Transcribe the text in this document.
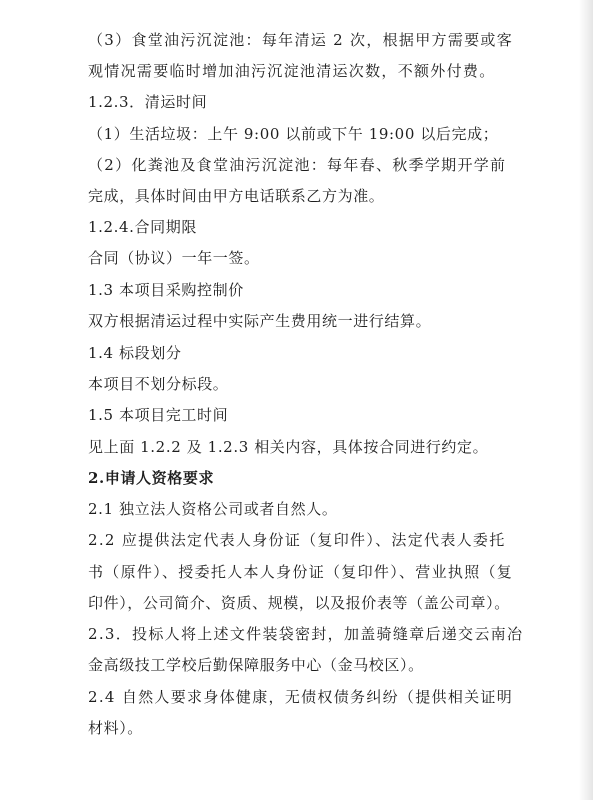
（3）食堂油污沉淀池：每年清运 2 次，根据甲方需要或客
观情况需要临时增加油污沉淀池清运次数，不额外付费。
1.2.3．清运时间
（1）生活垃圾：上午 9:00 以前或下午 19:00 以后完成；
（2）化粪池及食堂油污沉淀池：每年春、秋季学期开学前
完成，具体时间由甲方电话联系乙方为准。
1.2.4.合同期限
合同（协议）一年一签。
1.3 本项目采购控制价
双方根据清运过程中实际产生费用统一进行结算。
1.4 标段划分
本项目不划分标段。
1.5 本项目完工时间
见上面 1.2.2 及 1.2.3 相关内容，具体按合同进行约定。
2.申请人资格要求
2.1 独立法人资格公司或者自然人。
2.2 应提供法定代表人身份证（复印件）、法定代表人委托
书（原件）、授委托人本人身份证（复印件）、营业执照（复
印件），公司简介、资质、规模，以及报价表等（盖公司章）。
2.3．投标人将上述文件装袋密封，加盖骑缝章后递交云南冶
金高级技工学校后勤保障服务中心（金马校区）。
2.4 自然人要求身体健康，无债权债务纠纷（提供相关证明
材料）。
